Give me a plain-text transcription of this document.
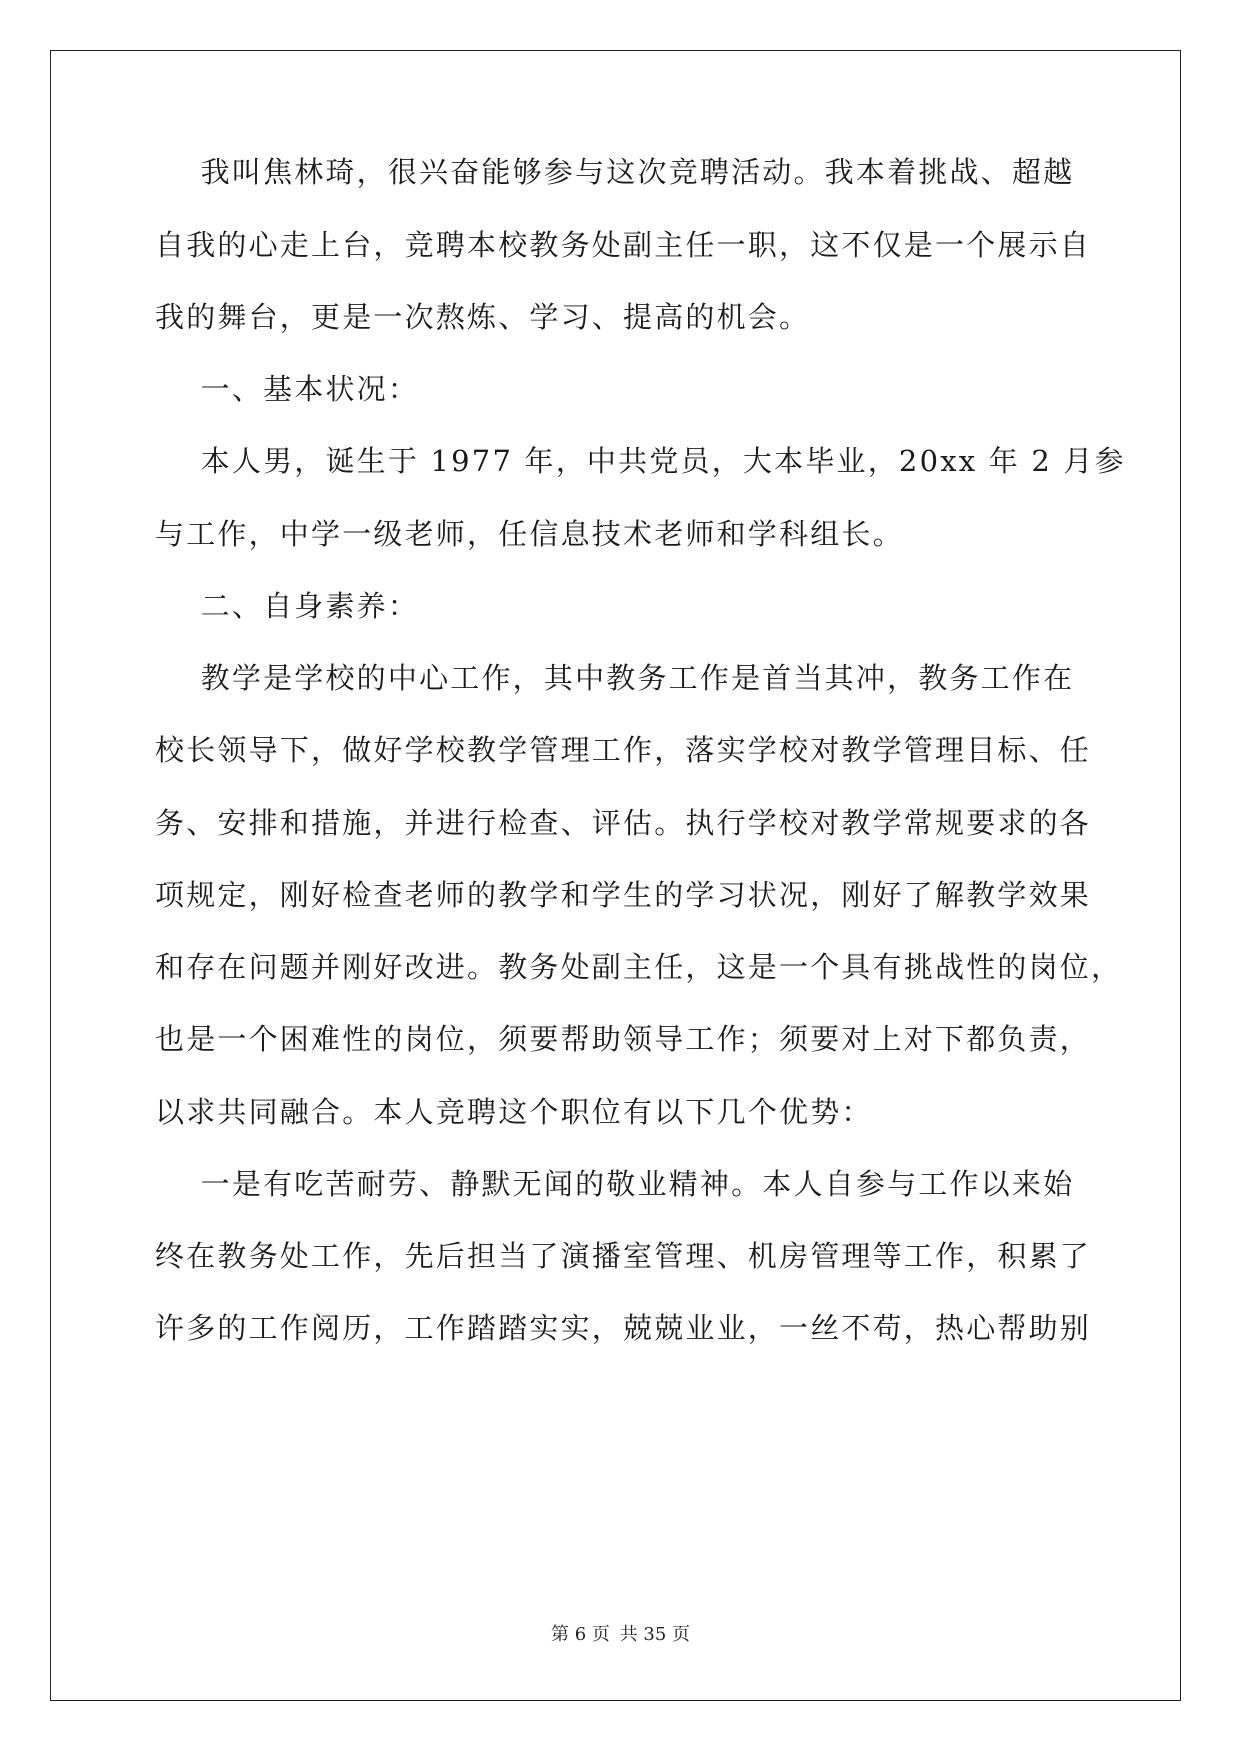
我叫焦林琦，很兴奋能够参与这次竞聘活动。我本着挑战、超越
自我的心走上台，竞聘本校教务处副主任一职，这不仅是一个展示自
我的舞台，更是一次熬炼、学习、提高的机会。
一、基本状况：
本人男，诞生于 1977 年，中共党员，大本毕业，20xx 年 2 月参
与工作，中学一级老师，任信息技术老师和学科组长。
二、自身素养：
教学是学校的中心工作，其中教务工作是首当其冲，教务工作在
校长领导下，做好学校教学管理工作，落实学校对教学管理目标、任
务、安排和措施，并进行检查、评估。执行学校对教学常规要求的各
项规定，刚好检查老师的教学和学生的学习状况，刚好了解教学效果
和存在问题并刚好改进。教务处副主任，这是一个具有挑战性的岗位，
也是一个困难性的岗位，须要帮助领导工作；须要对上对下都负责，
以求共同融合。本人竞聘这个职位有以下几个优势：
一是有吃苦耐劳、静默无闻的敬业精神。本人自参与工作以来始
终在教务处工作，先后担当了演播室管理、机房管理等工作，积累了
许多的工作阅历，工作踏踏实实，兢兢业业，一丝不苟，热心帮助别
第 6 页 共 35 页
